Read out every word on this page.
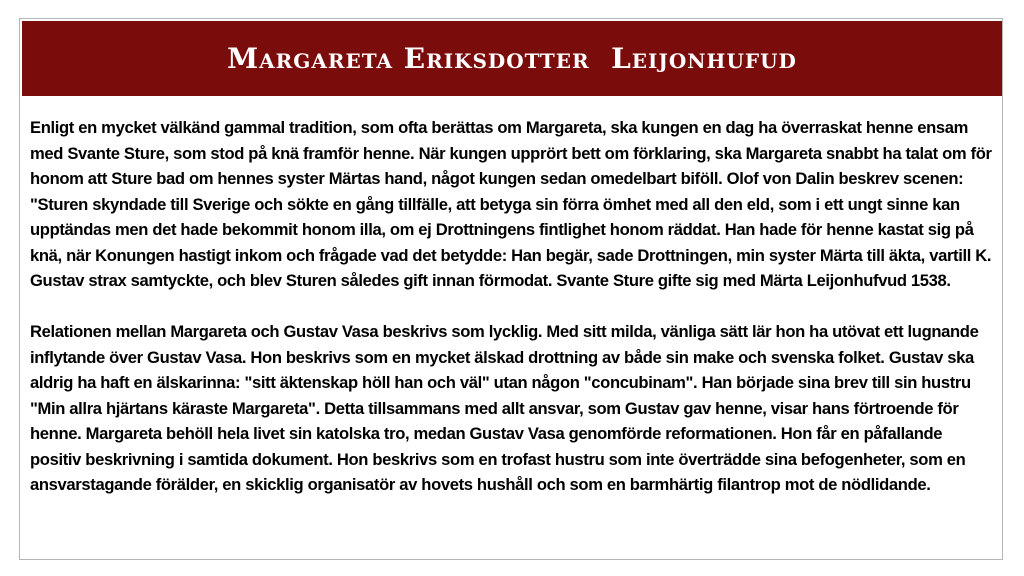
Margareta Eriksdotter  Leijonhufud

Enligt en mycket välkänd gammal tradition, som ofta berättas om Margareta, ska kungen en dag ha överraskat henne ensam med Svante Sture, som stod på knä framför henne. När kungen upprört bett om förklaring, ska Margareta snabbt ha talat om för honom att Sture bad om hennes syster Märtas hand, något kungen sedan omedelbart biföll. Olof von Dalin beskrev scenen: "Sturen skyndade till Sverige och sökte en gång tillfälle, att betyga sin förra ömhet med all den eld, som i ett ungt sinne kan upptändas men det hade bekommit honom illa, om ej Drottningens fintlighet honom räddat. Han hade för henne kastat sig på knä, när Konungen hastigt inkom och frågade vad det betydde: Han begär, sade Drottningen, min syster Märta till äkta, vartill K. Gustav strax samtyckte, och blev Sturen således gift innan förmodat. Svante Sture gifte sig med Märta Leijonhufvud 1538.

Relationen mellan Margareta och Gustav Vasa beskrivs som lycklig. Med sitt milda, vänliga sätt lär hon ha utövat ett lugnande inflytande över Gustav Vasa. Hon beskrivs som en mycket älskad drottning av både sin make och svenska folket. Gustav ska aldrig ha haft en älskarinna: "sitt äktenskap höll han och väl" utan någon "concubinam". Han började sina brev till sin hustru "Min allra hjärtans käraste Margareta". Detta tillsammans med allt ansvar, som Gustav gav henne, visar hans förtroende för henne. Margareta behöll hela livet sin katolska tro, medan Gustav Vasa genomförde reformationen. Hon får en påfallande positiv beskrivning i samtida dokument. Hon beskrivs som en trofast hustru som inte överträdde sina befogenheter, som en ansvarstagande förälder, en skicklig organisatör av hovets hushåll och som en barmhärtig filantrop mot de nödlidande.
